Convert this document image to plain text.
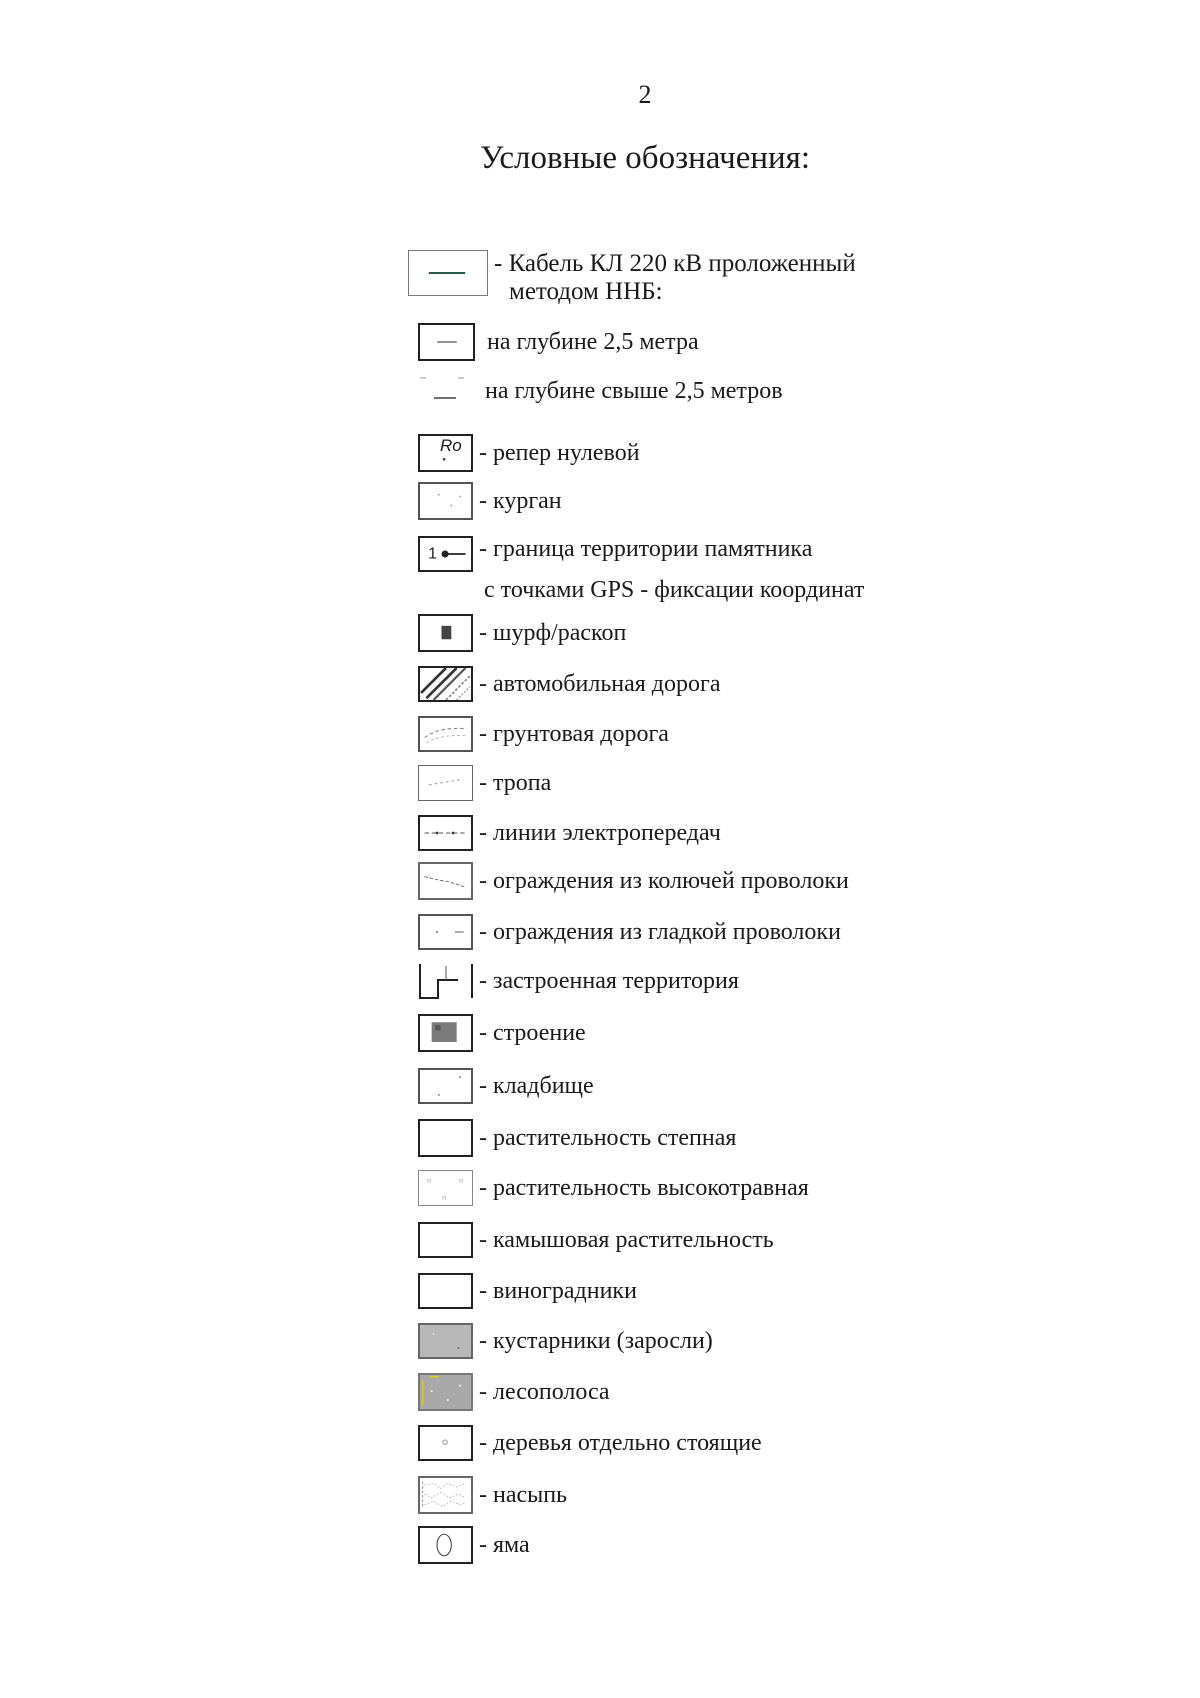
2
Условные обозначения:
- Кабель КЛ 220 кВ проложенный
методом ННБ:
на глубине 2,5 метра
на глубине свыше 2,5 метров
Ro - репер нулевой
- курган
1 - граница территории памятника
с точками GPS - фиксации координат
- шурф/раскоп
- автомобильная дорога
- грунтовая дорога
- тропа
- линии электропередач
- ограждения из колючей проволоки
- ограждения из гладкой проволоки
- застроенная территория
- строение
- кладбище
- растительность степная
п	п
п - растительность высокотравная
- камышовая растительность
- виноградники
- кустарники (заросли)
- лесополоса
- деревья отдельно стоящие
- насыпь
- яма
